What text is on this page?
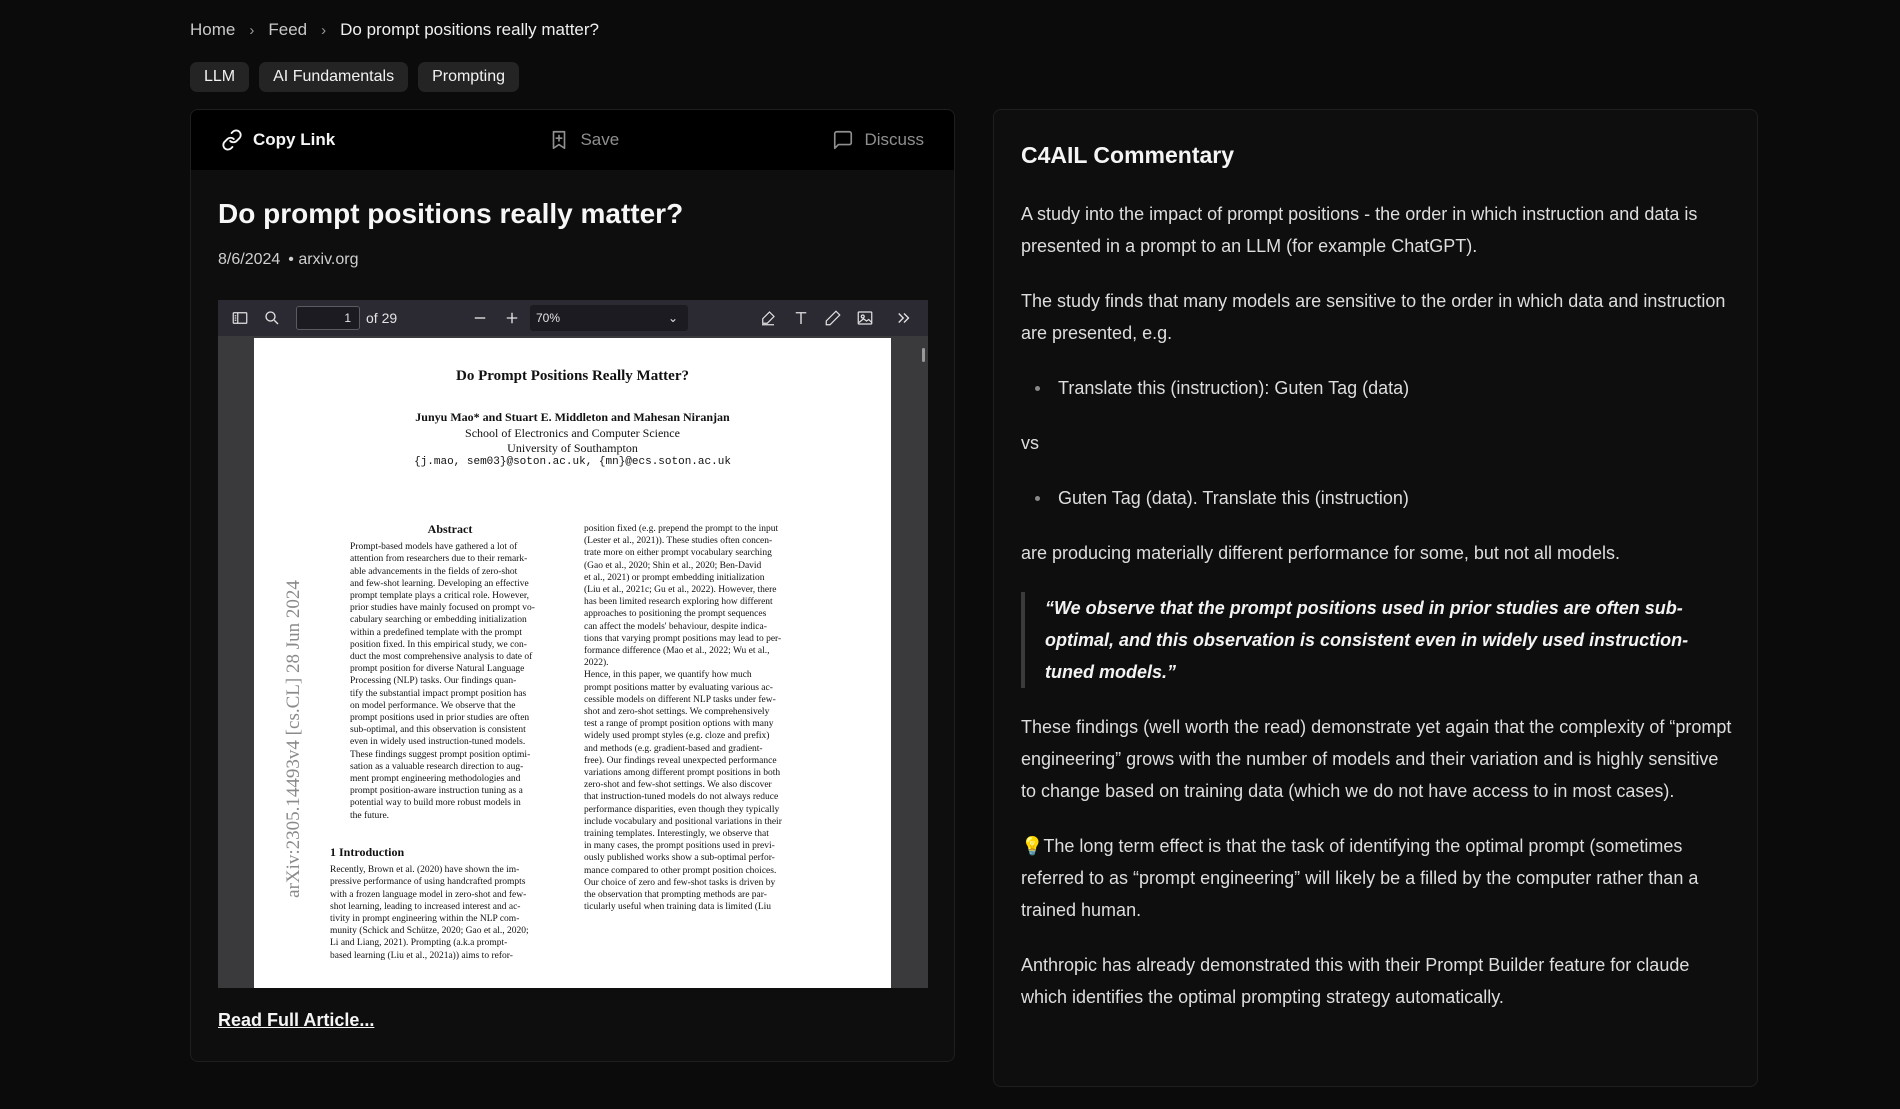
Home › Feed › Do prompt positions really matter?
LLM	AI Fundamentals	Prompting
Copy Link	Save	Discuss
Do prompt positions really matter?
8/6/2024 • arxiv.org
1
of 29	70%	⌄
Do Prompt Positions Really Matter?
Junyu Mao* and Stuart E. Middleton and Mahesan Niranjan
School of Electronics and Computer Science
University of Southampton
{j.mao, sem03}@soton.ac.uk, {mn}@ecs.soton.ac.uk
arXiv:2305.14493v4 [cs.CL] 28 Jun 2024
Abstract
Prompt-based models have gathered a lot of
attention from researchers due to their remark-
able advancements in the fields of zero-shot
and few-shot learning. Developing an effective
prompt template plays a critical role. However,
prior studies have mainly focused on prompt vo-
cabulary searching or embedding initialization
within a predefined template with the prompt
position fixed. In this empirical study, we con-
duct the most comprehensive analysis to date of
prompt position for diverse Natural Language
Processing (NLP) tasks. Our findings quan-
tify the substantial impact prompt position has
on model performance. We observe that the
prompt positions used in prior studies are often
sub-optimal, and this observation is consistent
even in widely used instruction-tuned models.
These findings suggest prompt position optimi-
sation as a valuable research direction to aug-
ment prompt engineering methodologies and
prompt position-aware instruction tuning as a
potential way to build more robust models in
the future.
1 Introduction
Recently, Brown et al. (2020) have shown the im-
pressive performance of using handcrafted prompts
with a frozen language model in zero-shot and few-
shot learning, leading to increased interest and ac-
tivity in prompt engineering within the NLP com-
munity (Schick and Schütze, 2020; Gao et al., 2020;
Li and Liang, 2021). Prompting (a.k.a prompt-
based learning (Liu et al., 2021a)) aims to refor-
position fixed (e.g. prepend the prompt to the input
(Lester et al., 2021)). These studies often concen-
trate more on either prompt vocabulary searching
(Gao et al., 2020; Shin et al., 2020; Ben-David
et al., 2021) or prompt embedding initialization
(Liu et al., 2021c; Gu et al., 2022). However, there
has been limited research exploring how different
approaches to positioning the prompt sequences
can affect the models' behaviour, despite indica-
tions that varying prompt positions may lead to per-
formance difference (Mao et al., 2022; Wu et al.,
2022).
Hence, in this paper, we quantify how much
prompt positions matter by evaluating various ac-
cessible models on different NLP tasks under few-
shot and zero-shot settings. We comprehensively
test a range of prompt position options with many
widely used prompt styles (e.g. cloze and prefix)
and methods (e.g. gradient-based and gradient-
free). Our findings reveal unexpected performance
variations among different prompt positions in both
zero-shot and few-shot settings. We also discover
that instruction-tuned models do not always reduce
performance disparities, even though they typically
include vocabulary and positional variations in their
training templates. Interestingly, we observe that
in many cases, the prompt positions used in previ-
ously published works show a sub-optimal perfor-
mance compared to other prompt position choices.
Our choice of zero and few-shot tasks is driven by
the observation that prompting methods are par-
ticularly useful when training data is limited (Liu
Read Full Article...
C4AIL Commentary

A study into the impact of prompt positions - the order in which instruction and data is presented in a prompt to an LLM (for example ChatGPT).

The study finds that many models are sensitive to the order in which data and instruction are presented, e.g.

Translate this (instruction): Guten Tag (data)

vs

Guten Tag (data). Translate this (instruction)

are producing materially different performance for some, but not all models.

“We observe that the prompt positions used in prior studies are often sub-optimal, and this observation is consistent even in widely used instruction-tuned models.”

These findings (well worth the read) demonstrate yet again that the complexity of “prompt engineering” grows with the number of models and their variation and is highly sensitive to change based on training data (which we do not have access to in most cases).

💡The long term effect is that the task of identifying the optimal prompt (sometimes referred to as “prompt engineering” will likely be a filled by the computer rather than a trained human.

Anthropic has already demonstrated this with their Prompt Builder feature for claude which identifies the optimal prompting strategy automatically.
